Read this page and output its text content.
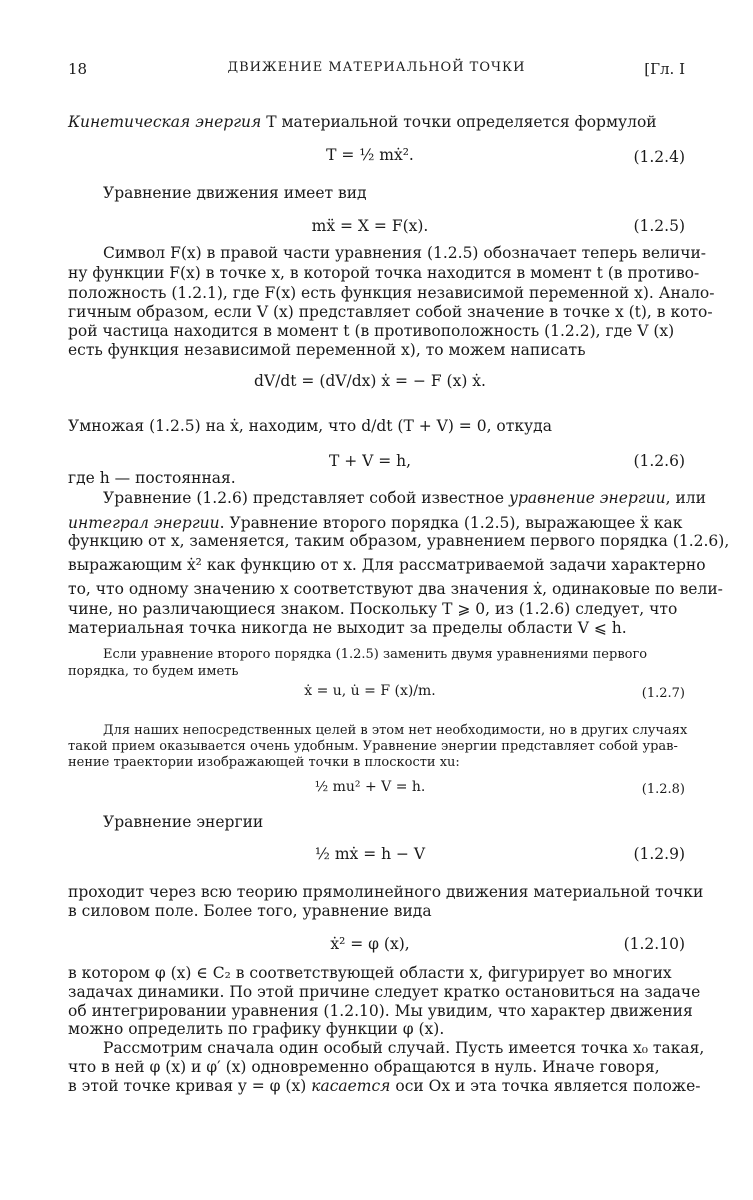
18	ДВИЖЕНИЕ МАТЕРИАЛЬНОЙ ТОЧКИ	[Гл. I
Кинетическая энергия T материальной точки определяется формулой
T = ½ mẋ².	(1.2.4)
Уравнение движения имеет вид
mẍ = X = F(x).	(1.2.5)
Символ F(x) в правой части уравнения (1.2.5) обозначает теперь величи-
ну функции F(x) в точке x, в которой точка находится в момент t (в противо-
положность (1.2.1), где F(x) есть функция независимой переменной x). Анало-
гичным образом, если V (x) представляет собой значение в точке x (t), в кото-
рой частица находится в момент t (в противоположность (1.2.2), где V (x)
есть функция независимой переменной x), то можем написать
dV/dt = (dV/dx) ẋ = − F (x) ẋ.
Умножая (1.2.5) на ẋ, находим, что d/dt (T + V) = 0, откуда
T + V = h,	(1.2.6)
где h — постоянная.
Уравнение (1.2.6) представляет собой известное уравнение энергии, или
интеграл энергии. Уравнение второго порядка (1.2.5), выражающее ẍ как
функцию от x, заменяется, таким образом, уравнением первого порядка (1.2.6),
выражающим ẋ² как функцию от x. Для рассматриваемой задачи характерно
то, что одному значению x соответствуют два значения ẋ, одинаковые по вели-
чине, но различающиеся знаком. Поскольку T ⩾ 0, из (1.2.6) следует, что
материальная точка никогда не выходит за пределы области V ⩽ h.
Если уравнение второго порядка (1.2.5) заменить двумя уравнениями первого
порядка, то будем иметь
ẋ = u, u̇ = F (x)/m.	(1.2.7)
Для наших непосредственных целей в этом нет необходимости, но в других случаях
такой прием оказывается очень удобным. Уравнение энергии представляет собой урав-
нение траектории изображающей точки в плоскости xu:
½ mu² + V = h.	(1.2.8)
Уравнение энергии
½ mẋ = h − V	(1.2.9)
проходит через всю теорию прямолинейного движения материальной точки
в силовом поле. Более того, уравнение вида
ẋ² = φ (x),	(1.2.10)
в котором φ (x) ∈ C₂ в соответствующей области x, фигурирует во многих
задачах динамики. По этой причине следует кратко остановиться на задаче
об интегрировании уравнения (1.2.10). Мы увидим, что характер движения
можно определить по графику функции φ (x).
Рассмотрим сначала один особый случай. Пусть имеется точка x₀ такая,
что в ней φ (x) и φ′ (x) одновременно обращаются в нуль. Иначе говоря,
в этой точке кривая y = φ (x) касается оси Ox и эта точка является положе-
